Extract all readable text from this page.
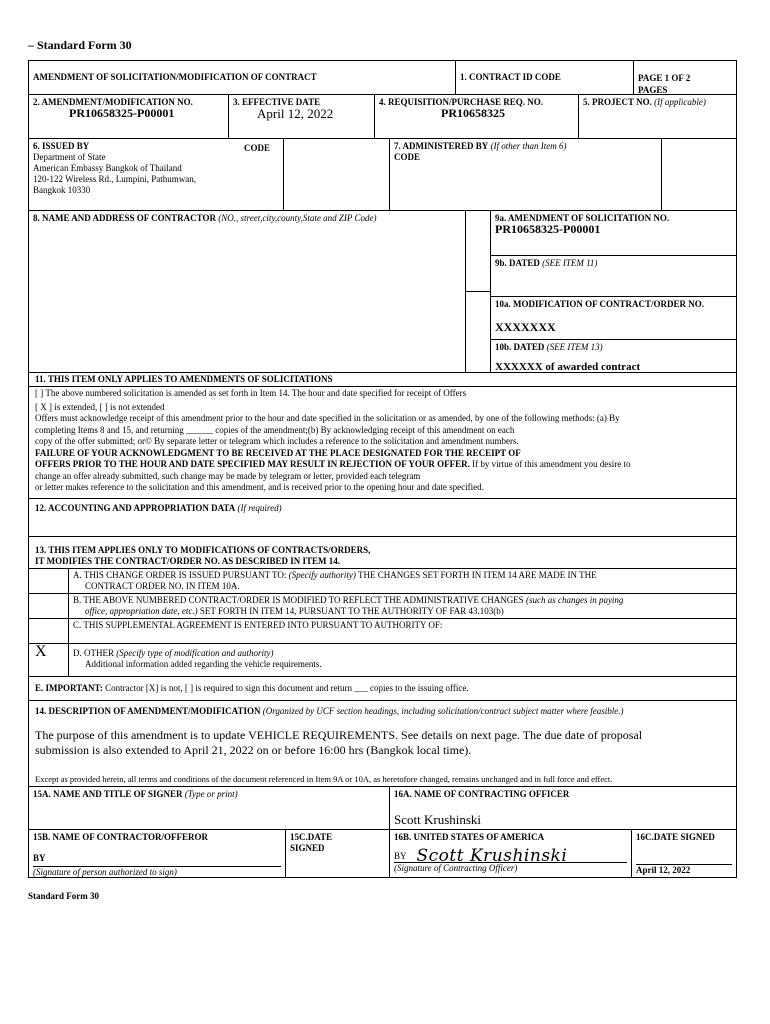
– Standard Form 30
AMENDMENT OF SOLICITATION/MODIFICATION OF CONTRACT	1. CONTRACT ID CODE	PAGE 1 OF 2
PAGES
2. AMENDMENT/MODIFICATION NO.
PR10658325-P00001
3. EFFECTIVE DATE
April 12, 2022
4. REQUISITION/PURCHASE REQ. NO.
PR10658325
5. PROJECT NO. (If applicable)
6. ISSUED BY
Department of State
American Embassy Bangkok of Thailand
120-122 Wireless Rd., Lumpini, Pathumwan,
Bangkok 10330
CODE	7. ADMINISTERED BY (If other than Item 6)
CODE
8. NAME AND ADDRESS OF CONTRACTOR (NO., street,city,county,State and ZIP Code)	9a. AMENDMENT OF SOLICITATION NO.
PR10658325-P00001
9b. DATED (SEE ITEM 11)
10a. MODIFICATION OF CONTRACT/ORDER NO.
XXXXXXX
10b. DATED (SEE ITEM 13)
XXXXXX of awarded contract
11. THIS ITEM ONLY APPLIES TO AMENDMENTS OF SOLICITATIONS
[ ] The above numbered solicitation is amended as set forth in Item 14. The hour and date specified for receipt of Offers
[ X ] is extended, [ ] is not extended
Offers must acknowledge receipt of this amendment prior to the hour and date specified in the solicitation or as amended, by one of the following methods: (a) By
completing Items 8 and 15, and returning ______ copies of the amendment;(b) By acknowledging receipt of this amendment on each
copy of the offer submitted; or© By separate letter or telegram which includes a reference to the solicitation and amendment numbers.
FAILURE OF YOUR ACKNOWLEDGMENT TO BE RECEIVED AT THE PLACE DESIGNATED FOR THE RECEIPT OF
OFFERS PRIOR TO THE HOUR AND DATE SPECIFIED MAY RESULT IN REJECTION OF YOUR OFFER. If by virtue of this amendment you desire to
change an offer already submitted, such change may be made by telegram or letter, provided each telegram
or letter makes reference to the solicitation and this amendment, and is received prior to the opening hour and date specified.
12. ACCOUNTING AND APPROPRIATION DATA (If required)
13. THIS ITEM APPLIES ONLY TO MODIFICATIONS OF CONTRACTS/ORDERS,
IT MODIFIES THE CONTRACT/ORDER NO. AS DESCRIBED IN ITEM 14.
A. THIS CHANGE ORDER IS ISSUED PURSUANT TO: (Specify authority) THE CHANGES SET FORTH IN ITEM 14 ARE MADE IN THE
CONTRACT ORDER NO. IN ITEM 10A.
B. THE ABOVE NUMBERED CONTRACT/ORDER IS MODIFIED TO REFLECT THE ADMINISTRATIVE CHANGES (such as changes in paying
office, appropriation date, etc.) SET FORTH IN ITEM 14, PURSUANT TO THE AUTHORITY OF FAR 43.103(b)
C. THIS SUPPLEMENTAL AGREEMENT IS ENTERED INTO PURSUANT TO AUTHORITY OF:
X	D. OTHER (Specify type of modification and authority)
Additional information added regarding the vehicle requirements.
E. IMPORTANT: Contractor [X] is not, [ ] is required to sign this document and return ___ copies to the issuing office.
14. DESCRIPTION OF AMENDMENT/MODIFICATION (Organized by UCF section headings, including solicitation/contract subject matter where feasible.)
The purpose of this amendment is to update VEHICLE REQUIREMENTS. See details on next page. The due date of proposal
submission is also extended to April 21, 2022 on or before 16:00 hrs (Bangkok local time).
Except as provided herein, all terms and conditions of the document referenced in Item 9A or 10A, as heretofore changed, remains unchanged and in full force and effect.
15A. NAME AND TITLE OF SIGNER (Type or print)	16A. NAME OF CONTRACTING OFFICER
Scott Krushinski
15B. NAME OF CONTRACTOR/OFFEROR
BY
(Signature of person authorized to sign)
15C.DATE
SIGNED
16B. UNITED STATES OF AMERICA
BY Scott Krushinski
(Signature of Contracting Officer)
16C.DATE SIGNED
April 12, 2022
Standard Form 30
